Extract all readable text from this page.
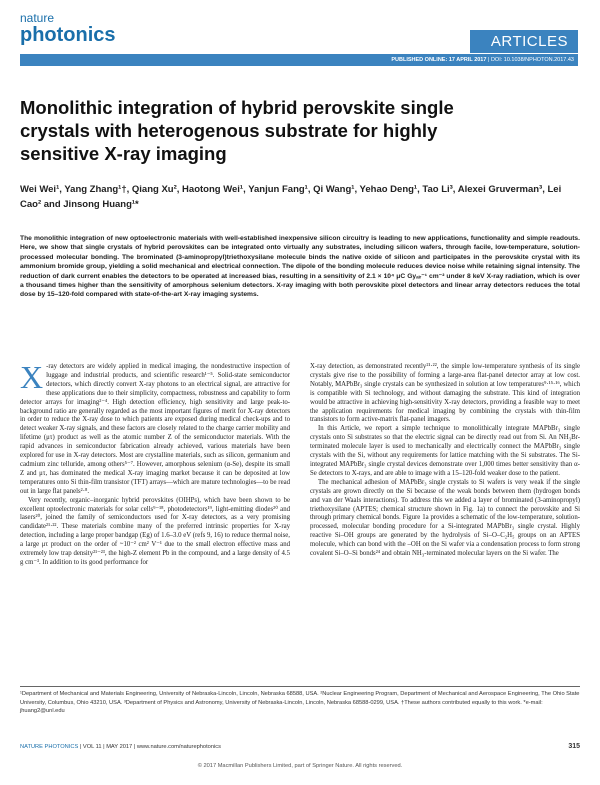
nature
photonics	ARTICLES
PUBLISHED ONLINE: 17 APRIL 2017 | DOI: 10.1038/NPHOTON.2017.43
Monolithic integration of hybrid perovskite single crystals with heterogenous substrate for highly sensitive X-ray imaging
Wei Wei¹, Yang Zhang¹†, Qiang Xu², Haotong Wei¹, Yanjun Fang¹, Qi Wang¹, Yehao Deng¹, Tao Li³, Alexei Gruverman³, Lei Cao² and Jinsong Huang¹*
The monolithic integration of new optoelectronic materials with well-established inexpensive silicon circuitry is leading to new applications, functionality and simple readouts. Here, we show that single crystals of hybrid perovskites can be integrated onto virtually any substrates, including silicon wafers, through facile, low-temperature, solution-processed molecular bonding. The brominated (3-aminopropyl)triethoxysilane molecule binds the native oxide of silicon and participates in the perovskite crystal with its ammonium bromide group, yielding a solid mechanical and electrical connection. The dipole of the bonding molecule reduces device noise while retaining signal intensity. The reduction of dark current enables the detectors to be operated at increased bias, resulting in a sensitivity of 2.1 × 10⁴ μC Gyₐᵢᵣ⁻¹ cm⁻² under 8 keV X-ray radiation, which is over a thousand times higher than the sensitivity of amorphous selenium detectors. X-ray imaging with both perovskite pixel detectors and linear array detectors reduces the total dose by 15–120-fold compared with state-of-the-art X-ray imaging systems.

X -ray detectors are widely applied in medical imaging, the nondestructive inspection of luggage and industrial products, and scientific research¹⁻⁵. Solid-state semiconductor detectors, which directly convert X-ray photons to an electrical signal, are attractive for these applications due to their simplicity, compactness, robustness and capability to form detector arrays for imaging²⁻⁴. High detection efficiency, high sensitivity and large peak-to-background ratio are generally regarded as the most important figures of merit for X-ray detectors in order to reduce the X-ray dose to which patients are exposed during medical check-ups and to detect weaker X-ray signals, and these factors are closely related to the charge carrier mobility and lifetime (μτ) product as well as the atomic number Z of the semiconductor materials. With the rapid advances in semiconductor fabrication already achieved, various materials have been explored for use in X-ray detectors. Most are crystalline materials, such as silicon, germanium and cadmium zinc telluride, among others⁵⁻⁷. However, amorphous selenium (α-Se), despite its small Z and μτ, has dominated the medical X-ray imaging market because it can be deposited at low temperatures onto Si thin-film transistor (TFT) arrays—which are mature technologies—to be read out in large flat panels²·⁸.

Very recently, organic–inorganic hybrid perovskites (OIHPs), which have been shown to be excellent optoelectronic materials for solar cells⁹⁻¹⁸, photodetectors¹⁹, light-emitting diodes²⁰ and lasers²⁰, joined the family of semiconductors used for X-ray detectors, as a very promising candidate²¹·²². These materials combine many of the preferred intrinsic properties for X-ray detection, including a large proper bandgap (Eg) of 1.6–3.0 eV (refs 9, 16) to reduce thermal noise, a large μτ product on the order of ~10⁻² cm² V⁻¹ due to the small electron effective mass and extremely low trap density²¹⁻²³, the high-Z element Pb in the compound, and a large density of 4.5 g cm⁻³. In addition to its good performance for

X-ray detection, as demonstrated recently²¹·²², the simple low-temperature synthesis of its single crystals give rise to the possibility of forming a large-area flat-panel detector array at low cost. Notably, MAPbBr₃ single crystals can be synthesized in solution at low temperatures⁹·¹⁵·¹⁶, which is compatible with Si technology, and without damaging the substrate. This kind of integration would be attractive in achieving high-sensitivity X-ray detectors, providing a feasible way to meet the application requirements for medical imaging by combining the crystals with thin-film transistors to form active-matrix flat-panel imagers.

In this Article, we report a simple technique to monolithically integrate MAPbBr₃ single crystals onto Si substrates so that the electric signal can be directly read out from Si. An NH₃Br-terminated molecule layer is used to mechanically and electrically connect the MAPbBr₃ single crystals with the Si, without any requirements for lattice matching with the Si substrates. The Si-integrated MAPbBr₃ single crystal devices demonstrate over 1,000 times better sensitivity than α-Se detectors to X-rays, and are able to image with a 15–120-fold weaker dose to the patient.

The mechanical adhesion of MAPbBr₃ single crystals to Si wafers is very weak if the single crystals are grown directly on the Si because of the weak bonds between them (hydrogen bonds and van der Waals interactions). To address this we added a layer of brominated (3-aminopropyl) triethoxysilane (APTES; chemical structure shown in Fig. 1a) to connect the perovskite and Si through primary chemical bonds. Figure 1a provides a schematic of the low-temperature, solution-processed, molecular bonding procedure for a Si-integrated MAPbBr₃ single crystal. Highly reactive Si–OH groups are generated by the hydrolysis of Si–O–C₂H₅ groups on an APTES molecule, which can bond with the –OH on the Si wafer via a condensation process to form strong covalent Si–O–Si bonds²⁴ and obtain NH₃-terminated molecular layers on the Si wafer. The

¹Department of Mechanical and Materials Engineering, University of Nebraska-Lincoln, Lincoln, Nebraska 68588, USA. ²Nuclear Engineering Program, Department of Mechanical and Aerospace Engineering, The Ohio State University, Columbus, Ohio 43210, USA. ³Department of Physics and Astronomy, University of Nebraska-Lincoln, Lincoln, Nebraska 68588-0299, USA. †These authors contributed equally to this work. *e-mail: jhuang2@unl.edu
NATURE PHOTONICS | VOL 11 | MAY 2017 | www.nature.com/naturephotonics	315
© 2017 Macmillan Publishers Limited, part of Springer Nature. All rights reserved.
